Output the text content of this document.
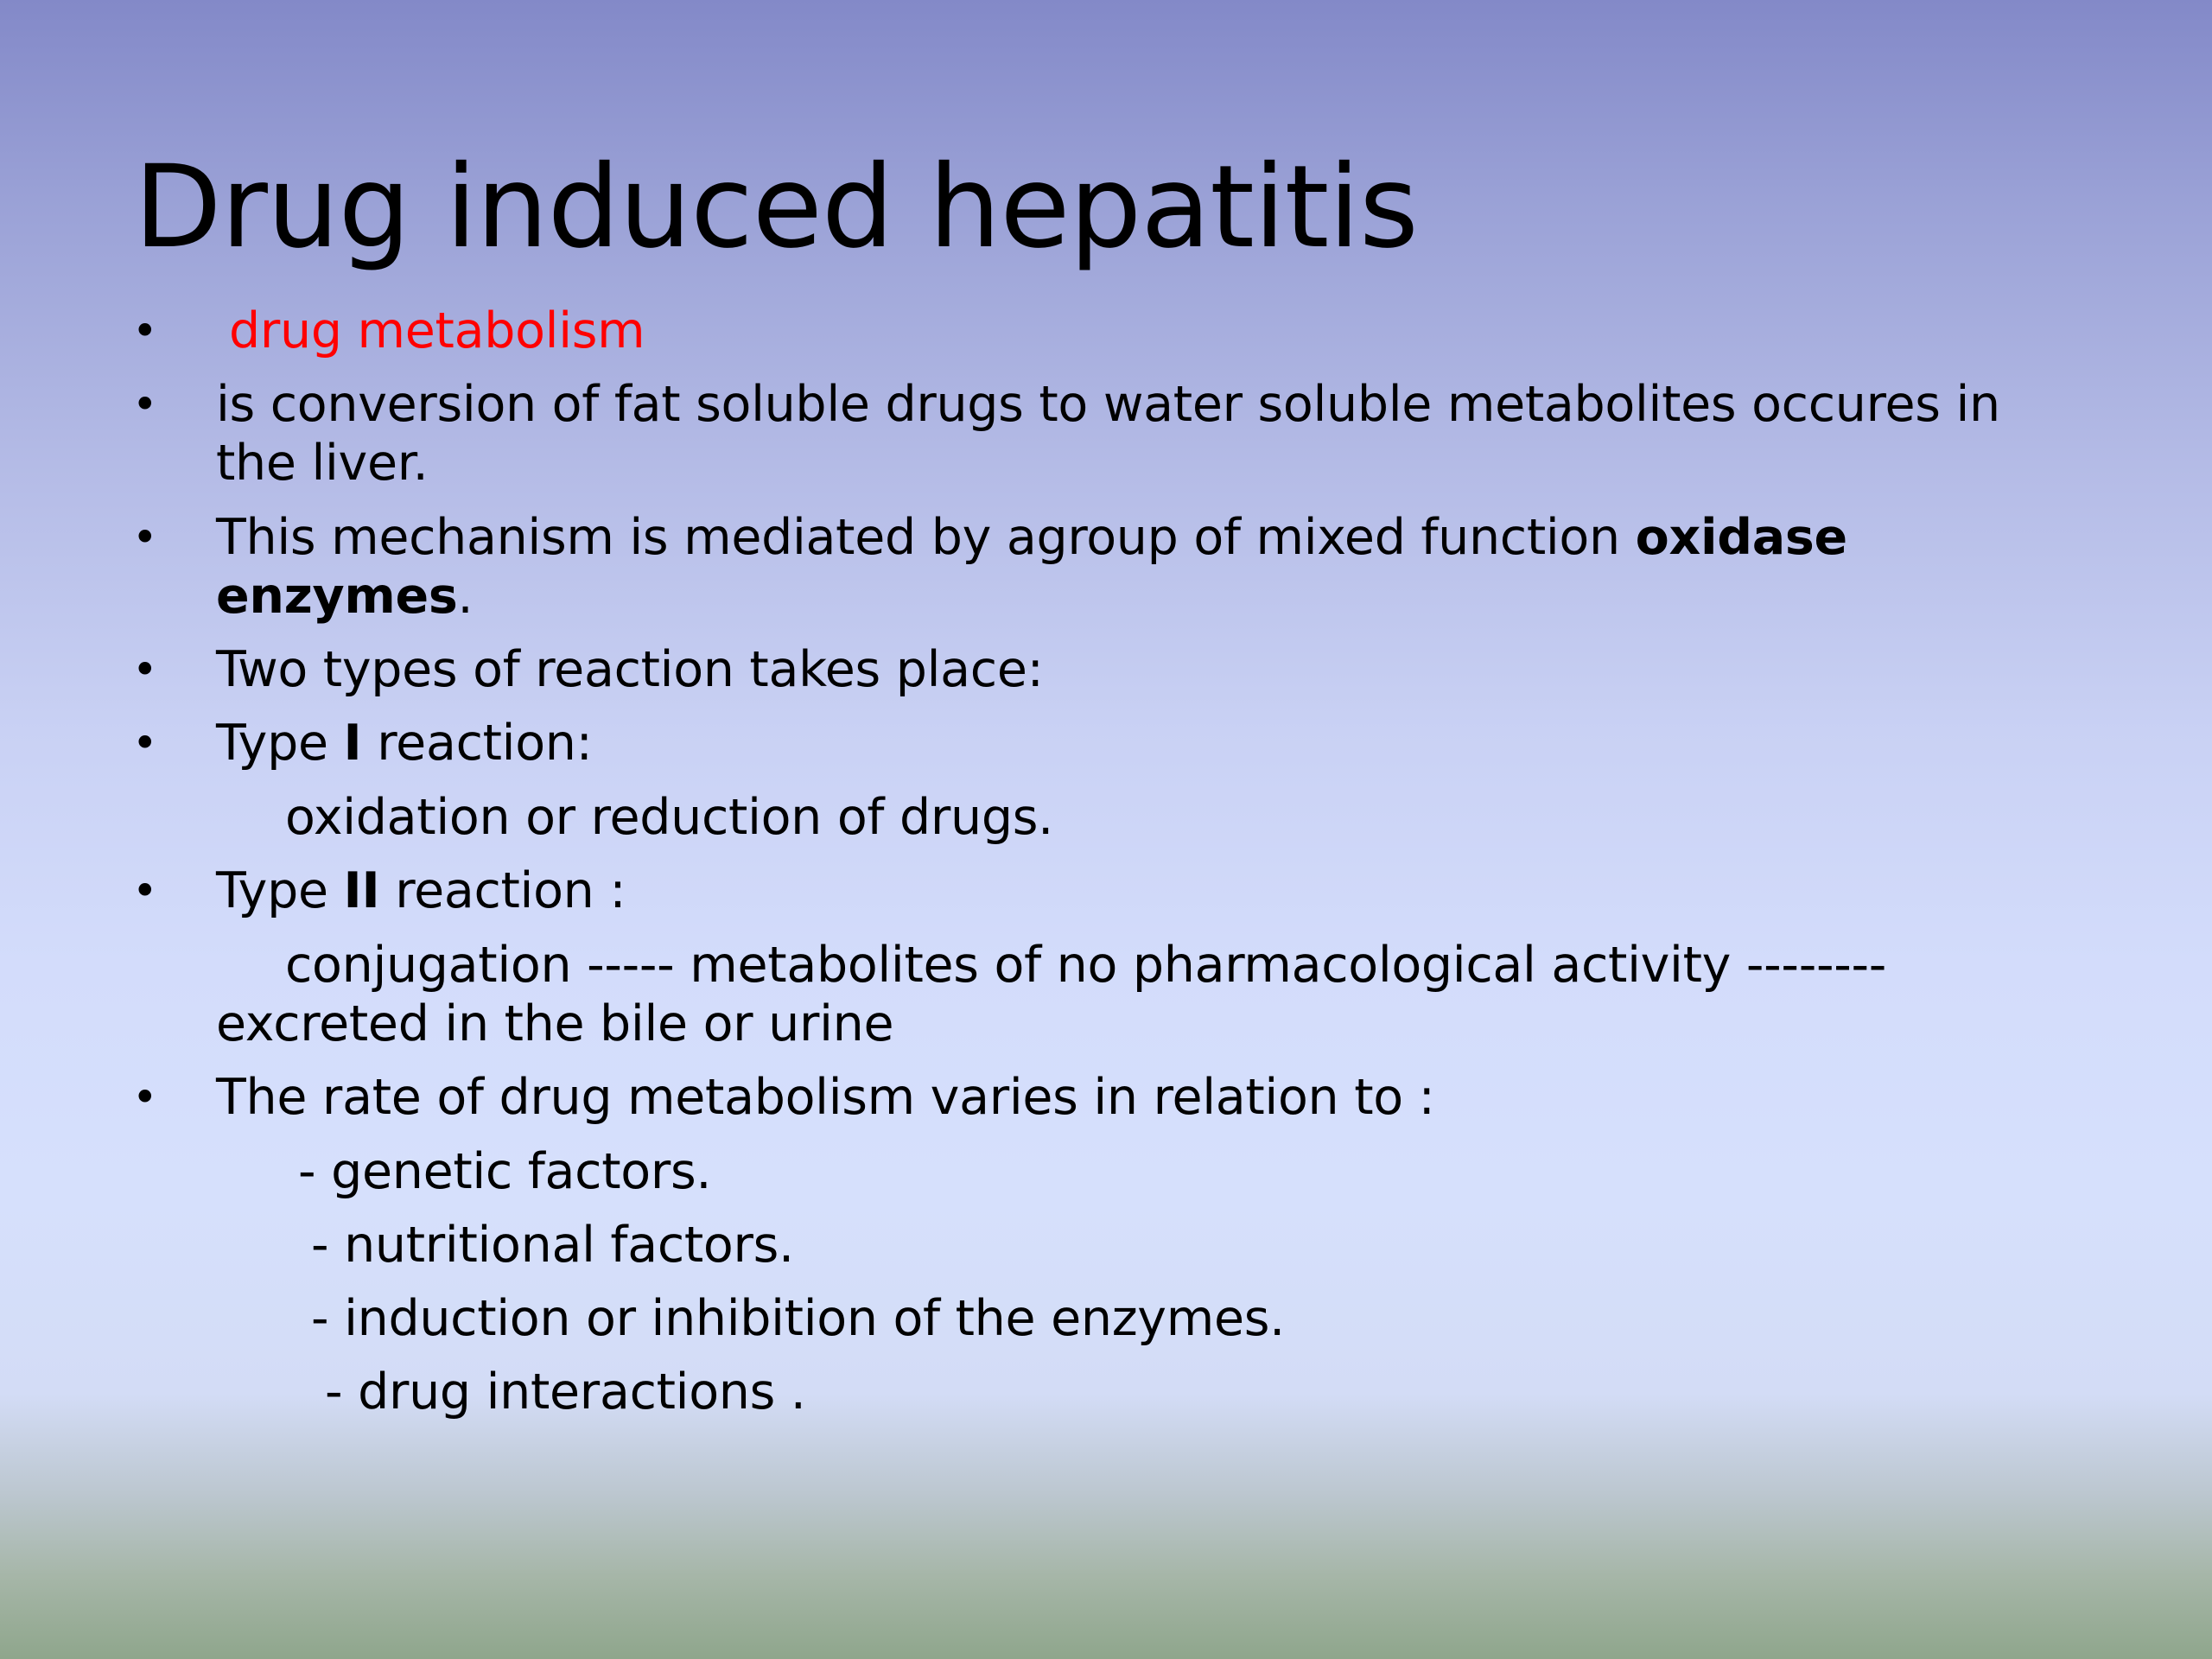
Drug induced hepatitis
• drug metabolism
• is conversion of fat soluble drugs to water soluble metabolites occures in
the liver.
• This mechanism is mediated by agroup of mixed function oxidase
enzymes.
• Two types of reaction takes place:
• Type I reaction:
oxidation or reduction of drugs.
• Type II reaction :
conjugation ----- metabolites of no pharmacological activity --------
excreted in the bile or urine
• The rate of drug metabolism varies in relation to :
- genetic factors.
- nutritional factors.
- induction or inhibition of the enzymes.
- drug interactions .
